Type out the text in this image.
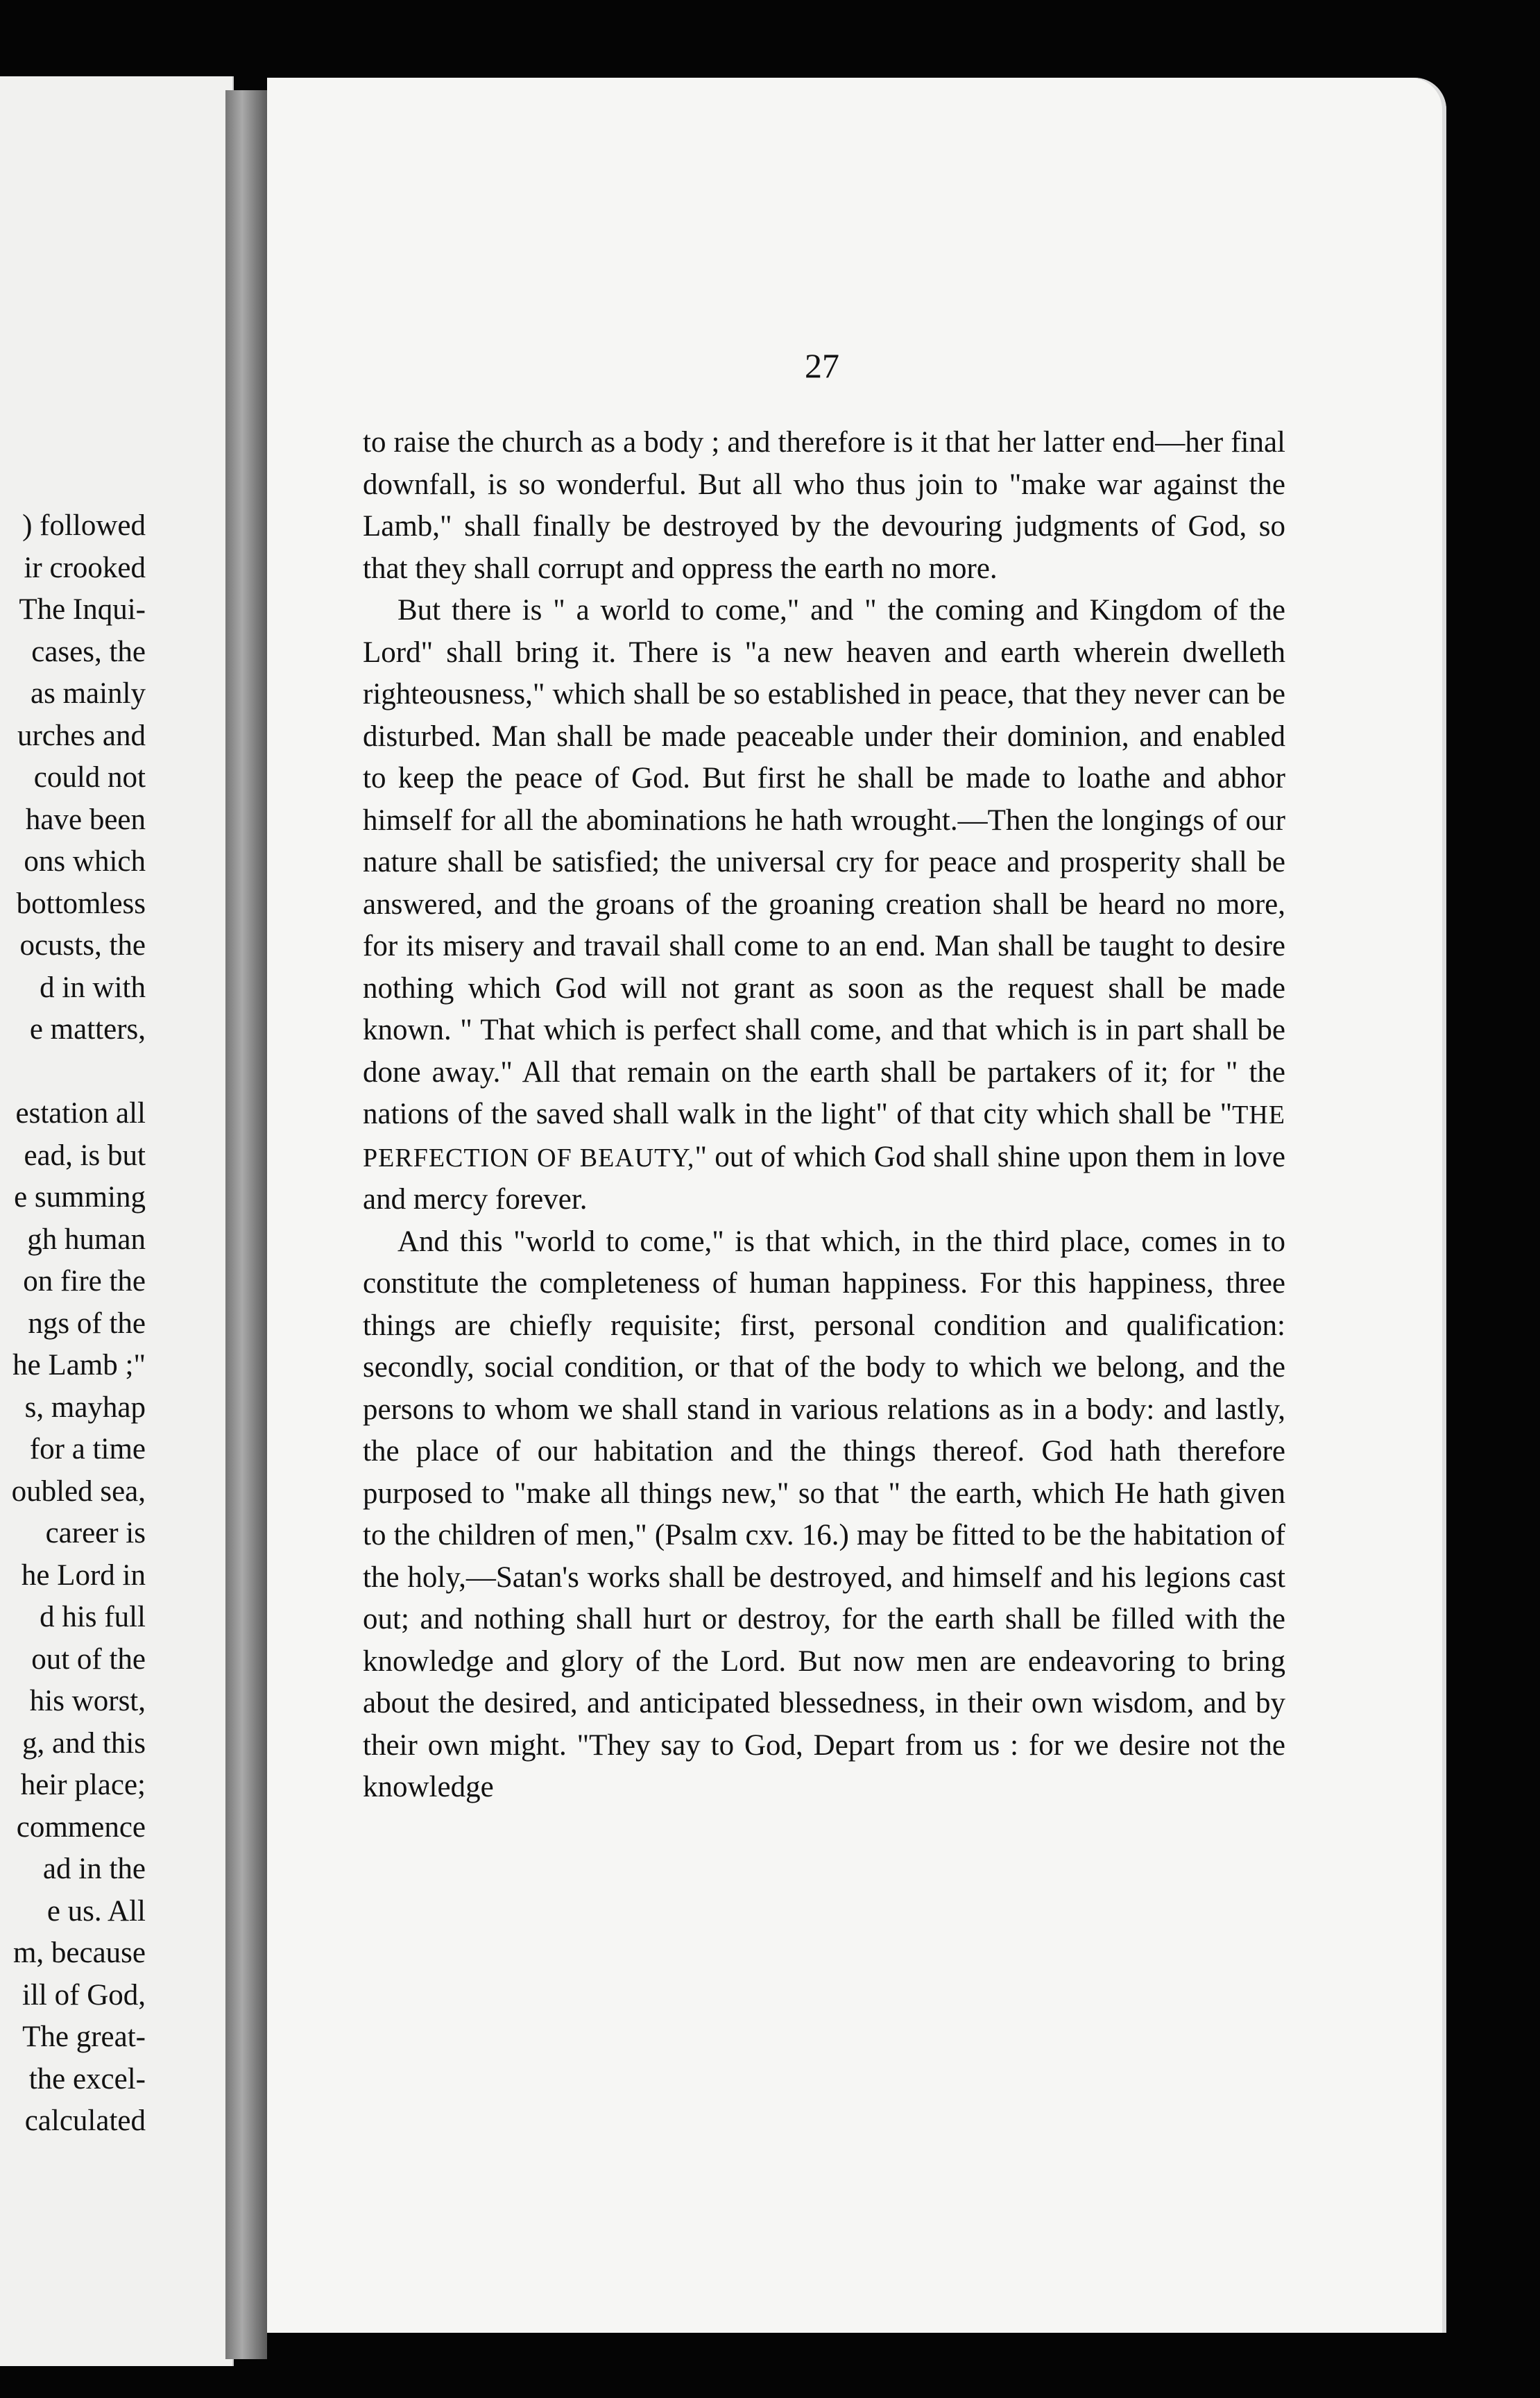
) followed
ir crooked
The Inqui-
cases, the
as mainly
urches and
could not
have been
ons which
bottomless
ocusts, the
d in with
e matters,
estation all
ead, is but
e summing
gh human
on fire the
ngs of the
he Lamb ;"
s, mayhap
for a time
oubled sea,
career is
he Lord in
d his full
out of the
his worst,
g, and this
heir place;
commence
ad in the
e us. All
m, because
ill of God,
The great-
the excel-
calculated
27

to raise the church as a body ; and therefore is it that her latter end—her final downfall, is so wonderful. But all who thus join to "make war against the Lamb," shall finally be destroyed by the devouring judgments of God, so that they shall corrupt and oppress the earth no more.

But there is " a world to come," and " the coming and Kingdom of the Lord" shall bring it. There is "a new heaven and earth wherein dwelleth righteousness," which shall be so established in peace, that they never can be disturbed. Man shall be made peaceable under their dominion, and enabled to keep the peace of God. But first he shall be made to loathe and abhor himself for all the abominations he hath wrought.—Then the longings of our nature shall be satisfied; the universal cry for peace and prosperity shall be answered, and the groans of the groaning creation shall be heard no more, for its misery and travail shall come to an end. Man shall be taught to desire nothing which God will not grant as soon as the request shall be made known. " That which is perfect shall come, and that which is in part shall be done away." All that remain on the earth shall be partakers of it; for " the nations of the saved shall walk in the light" of that city which shall be "THE PERFECTION OF BEAUTY," out of which God shall shine upon them in love and mercy forever.

And this "world to come," is that which, in the third place, comes in to constitute the completeness of human happiness. For this happiness, three things are chiefly requisite; first, personal condition and qualification: secondly, social condition, or that of the body to which we belong, and the persons to whom we shall stand in various relations as in a body: and lastly, the place of our habitation and the things thereof. God hath therefore purposed to "make all things new," so that " the earth, which He hath given to the children of men," (Psalm cxv. 16.) may be fitted to be the habitation of the holy,—Satan's works shall be destroyed, and himself and his legions cast out; and nothing shall hurt or destroy, for the earth shall be filled with the knowledge and glory of the Lord. But now men are endeavoring to bring about the desired, and anticipated blessedness, in their own wisdom, and by their own might. "They say to God, Depart from us : for we desire not the knowledge
